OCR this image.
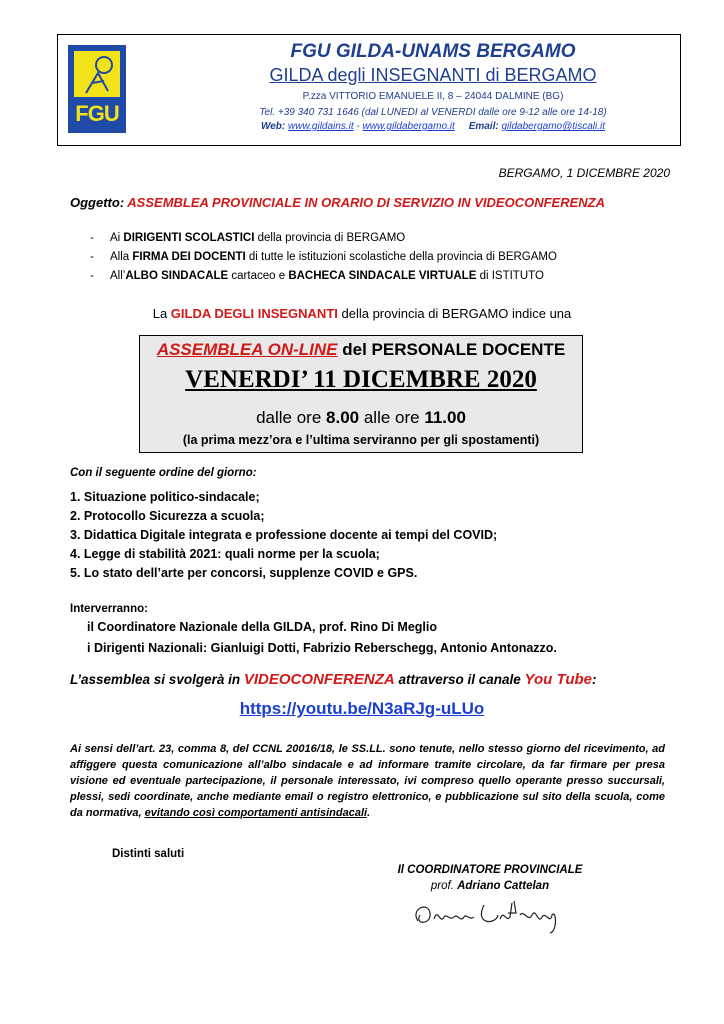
FGU
FGU GILDA-UNAMS BERGAMO
GILDA degli INSEGNANTI di BERGAMO
P.zza VITTORIO EMANUELE II, 8 – 24044 DALMINE (BG)
Tel. +39 340 731 1646 (dal LUNEDI al VENERDI dalle ore 9-12 alle ore 14-18)
Web: www.gildains.it - www.gildabergamo.it Email: gildabergamo@tiscali.it
BERGAMO, 1 DICEMBRE 2020
Oggetto: ASSEMBLEA PROVINCIALE IN ORARIO DI SERVIZIO IN VIDEOCONFERENZA
- Ai DIRIGENTI SCOLASTICI della provincia di BERGAMO
- Alla FIRMA DEI DOCENTI di tutte le istituzioni scolastiche della provincia di BERGAMO
- All’ALBO SINDACALE cartaceo e BACHECA SINDACALE VIRTUALE di ISTITUTO
La GILDA DEGLI INSEGNANTI della provincia di BERGAMO indice una
ASSEMBLEA ON-LINE del PERSONALE DOCENTE
VENERDI’ 11 DICEMBRE 2020
dalle ore 8.00 alle ore 11.00
(la prima mezz’ora e l’ultima serviranno per gli spostamenti)
Con il seguente ordine del giorno:
1. Situazione politico-sindacale;
2. Protocollo Sicurezza a scuola;
3. Didattica Digitale integrata e professione docente ai tempi del COVID;
4. Legge di stabilità 2021: quali norme per la scuola;
5. Lo stato dell’arte per concorsi, supplenze COVID e GPS.
Interverranno:
il Coordinatore Nazionale della GILDA, prof. Rino Di Meglio
i Dirigenti Nazionali: Gianluigi Dotti, Fabrizio Reberschegg, Antonio Antonazzo.
L’assemblea si svolgerà in VIDEOCONFERENZA attraverso il canale You Tube:
https://youtu.be/N3aRJg-uLUo

Ai sensi dell’art. 23, comma 8, del CCNL 20016/18, le SS.LL. sono tenute, nello stesso giorno del ricevimento, ad affiggere questa comunicazione all’albo sindacale e ad informare tramite circolare, da far firmare per presa visione ed eventuale partecipazione, il personale interessato, ivi compreso quello operante presso succursali, plessi, sedi coordinate, anche mediante email o registro elettronico, e pubblicazione sul sito della scuola, come da normativa, evitando così comportamenti antisindacali.

Distinti saluti
Il COORDINATORE PROVINCIALE
prof. Adriano Cattelan
